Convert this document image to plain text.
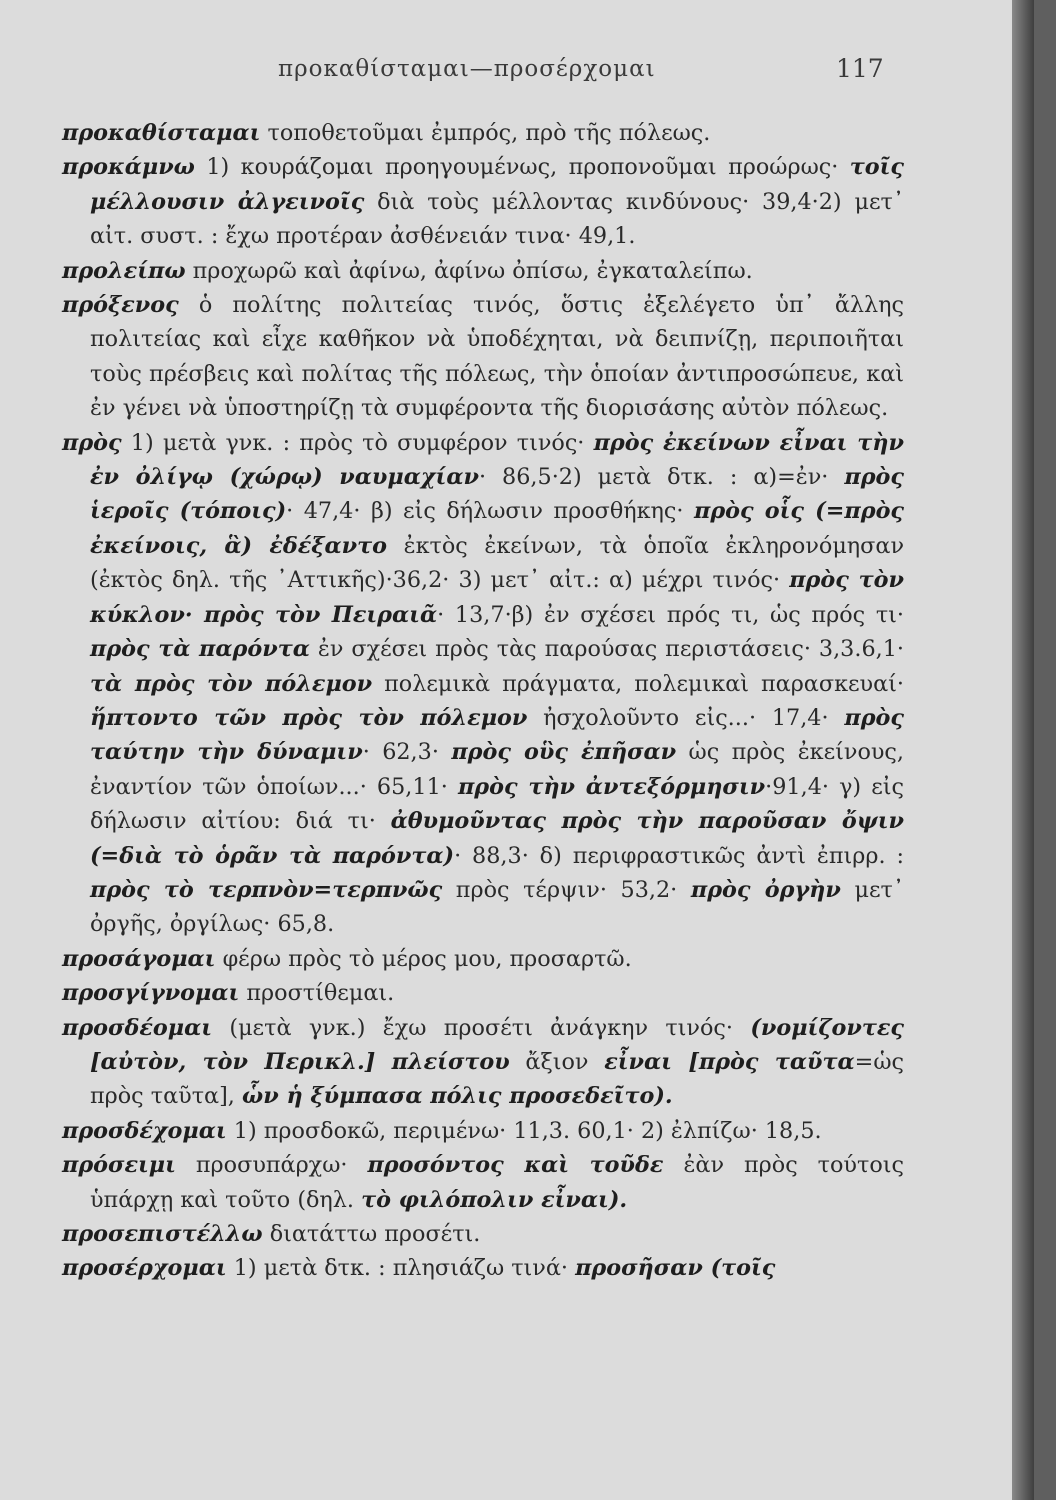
προκαθίσταμαι—προσέρχομαι	117

προκαθίσταμαι τοποθετοῦμαι ἐμπρός, πρὸ τῆς πόλεως.

προκάμνω 1) κουράζομαι προηγουμένως, προπονοῦμαι προώρως· τοῖς μέλλουσιν ἀλγεινοῖς διὰ τοὺς μέλλοντας κινδύνους· 39,4·2) μετ᾽ αἰτ. συστ. : ἔχω προτέραν ἀσθένειάν τινα· 49,1.

προλείπω προχωρῶ καὶ ἀφίνω, ἀφίνω ὀπίσω, ἐγκαταλείπω.

πρόξενος ὁ πολίτης πολιτείας τινός, ὅστις ἐξελέγετο ὑπ᾽ ἄλλης πολιτείας καὶ εἶχε καθῆκον νὰ ὑποδέχηται, νὰ δειπνίζῃ, περιποιῆται τοὺς πρέσβεις καὶ πολίτας τῆς πόλεως, τὴν ὁποίαν ἀντιπροσώπευε, καὶ ἐν γένει νὰ ὑποστηρίζῃ τὰ συμφέροντα τῆς διορισάσης αὐτὸν πόλεως.

πρὸς 1) μετὰ γνκ. : πρὸς τὸ συμφέρον τινός· πρὸς ἐκείνων εἶναι τὴν ἐν ὀλίγῳ (χώρῳ) ναυμαχίαν· 86,5·2) μετὰ δτκ. : α)=ἐν· πρὸς ἱεροῖς (τόποις)· 47,4· β) εἰς δήλωσιν προσθήκης· πρὸς οἷς (=πρὸς ἐκείνοις, ἃ) ἐδέξαντο ἐκτὸς ἐκείνων, τὰ ὁποῖα ἐκληρονόμησαν (ἐκτὸς δηλ. τῆς ᾽Αττικῆς)·36,2· 3) μετ᾽ αἰτ.: α) μέχρι τινός· πρὸς τὸν κύκλον· πρὸς τὸν Πειραιᾶ· 13,7·β) ἐν σχέσει πρός τι, ὡς πρός τι· πρὸς τὰ παρόντα ἐν σχέσει πρὸς τὰς παρούσας περιστάσεις· 3,3.6,1· τὰ πρὸς τὸν πόλεμον πολεμικὰ πράγματα, πολεμικαὶ παρασκευαί· ἥπτοντο τῶν πρὸς τὸν πόλεμον ἠσχολοῦντο εἰς...· 17,4· πρὸς ταύτην τὴν δύναμιν· 62,3· πρὸς οὓς ἐπῆσαν ὡς πρὸς ἐκείνους, ἐναντίον τῶν ὁποίων...· 65,11· πρὸς τὴν ἀντεξόρμησιν·91,4· γ) εἰς δήλωσιν αἰτίου: διά τι· ἀθυμοῦντας πρὸς τὴν παροῦσαν ὄψιν (=διὰ τὸ ὁρᾶν τὰ παρόντα)· 88,3· δ) περιφραστικῶς ἀντὶ ἐπιρρ. : πρὸς τὸ τερπνὸν=τερπνῶς πρὸς τέρψιν· 53,2· πρὸς ὀργὴν μετ᾽ ὀργῆς, ὀργίλως· 65,8.

προσάγομαι φέρω πρὸς τὸ μέρος μου, προσαρτῶ.

προσγίγνομαι προστίθεμαι.

προσδέομαι (μετὰ γνκ.) ἔχω προσέτι ἀνάγκην τινός· (νομίζοντες [αὐτὸν, τὸν Περικλ.] πλείστου ἄξιον εἶναι [πρὸς ταῦτα=ὡς πρὸς ταῦτα], ὧν ἡ ξύμπασα πόλις προσεδεῖτο).

προσδέχομαι 1) προσδοκῶ, περιμένω· 11,3. 60,1· 2) ἐλπίζω· 18,5.

πρόσειμι προσυπάρχω· προσόντος καὶ τοῦδε ἐὰν πρὸς τούτοις ὑπάρχῃ καὶ τοῦτο (δηλ. τὸ φιλόπολιν εἶναι).

προσεπιστέλλω διατάττω προσέτι.

προσέρχομαι 1) μετὰ δτκ. : πλησιάζω τινά· προσῆσαν (τοῖς
